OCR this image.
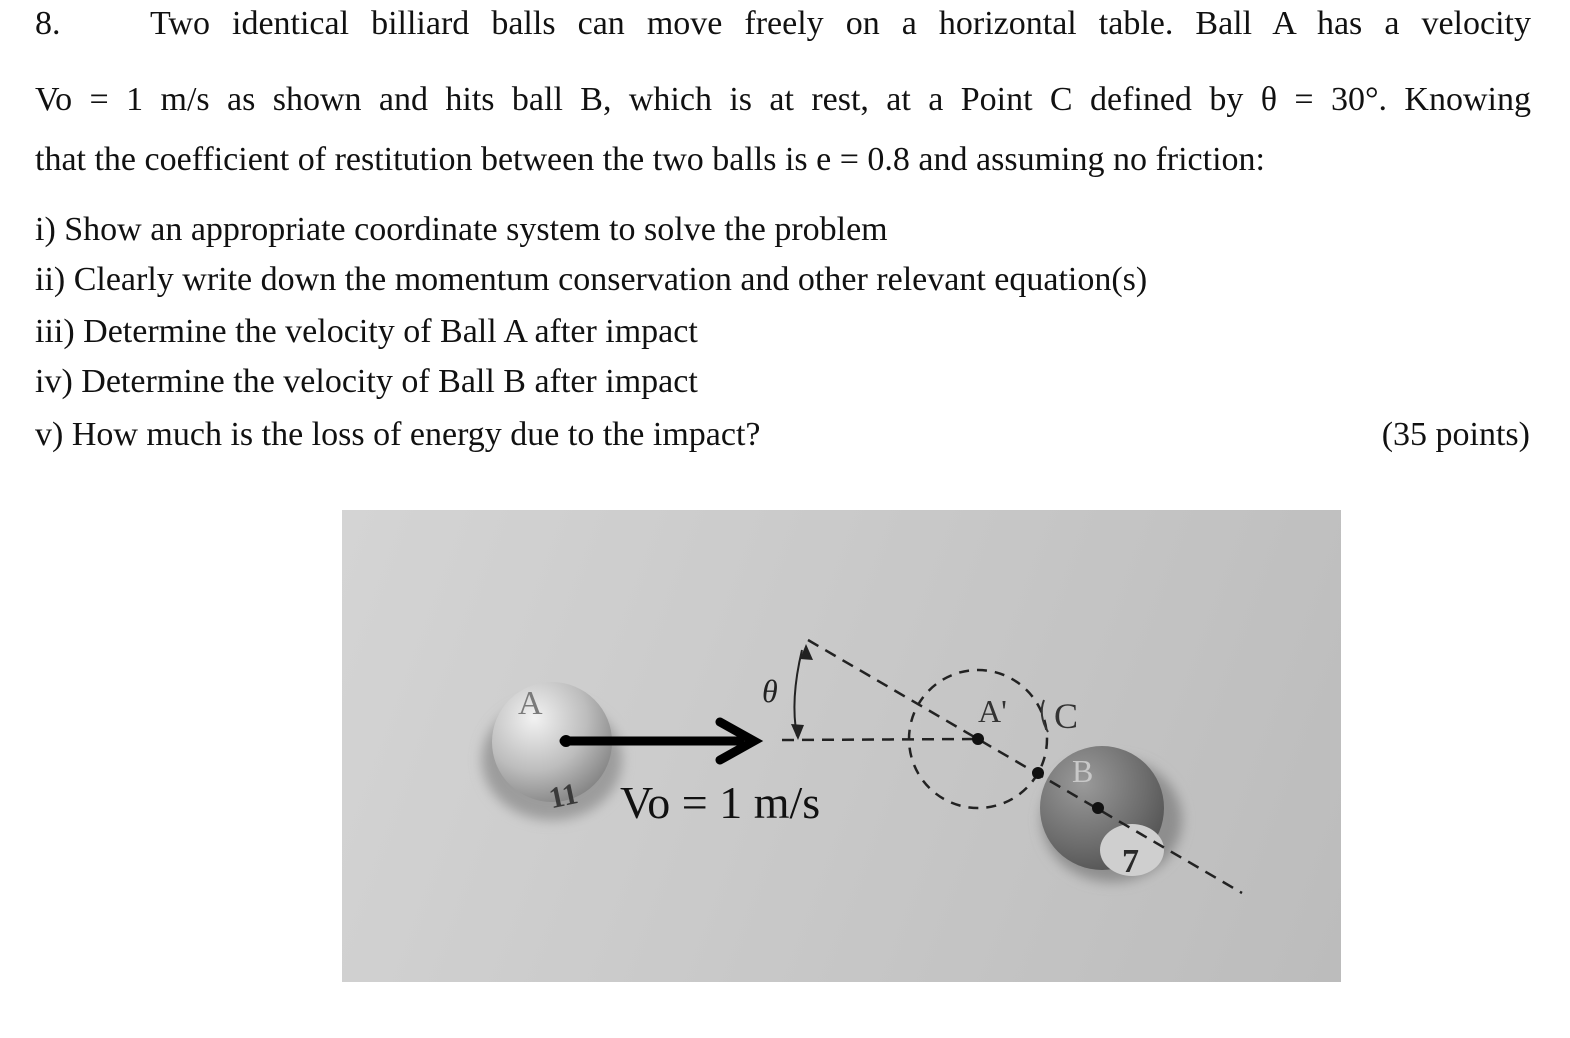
8.	Two identical billiard balls can move freely on a horizontal table. Ball A has a velocity
Vo = 1 m/s as shown and hits ball B, which is at rest, at a Point C defined by θ = 30°. Knowing
that the coefficient of restitution between the two balls is e = 0.8 and assuming no friction:
i) Show an appropriate coordinate system to solve the problem
ii) Clearly write down the momentum conservation and other relevant equation(s)
iii) Determine the velocity of Ball A after impact
iv) Determine the velocity of Ball B after impact
v) How much is the loss of energy due to the impact?	(35 points)
A
11
B
7
θ
A' C
Vo = 1 m/s
